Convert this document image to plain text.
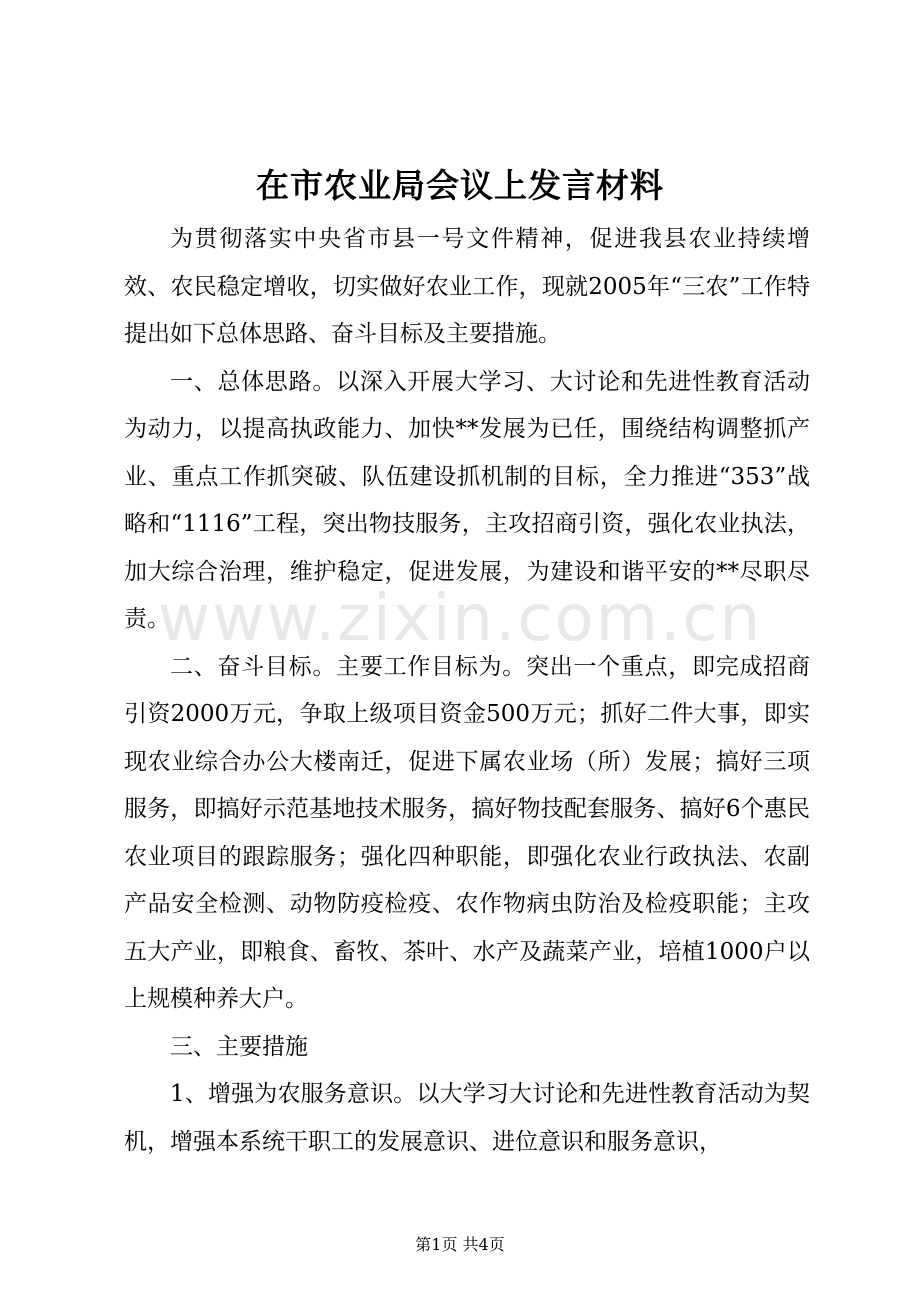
在市农业局会议上发言材料

为贯彻落实中央省市县一号文件精神，促进我县农业持续增效、农民稳定增收，切实做好农业工作，现就2005年“三农”工作特提出如下总体思路、奋斗目标及主要措施。

一、总体思路。以深入开展大学习、大讨论和先进性教育活动为动力，以提高执政能力、加快**发展为已任，围绕结构调整抓产业、重点工作抓突破、队伍建设抓机制的目标，全力推进“353”战略和“1116”工程，突出物技服务，主攻招商引资，强化农业执法，加大综合治理，维护稳定，促进发展，为建设和谐平安的**尽职尽责。

二、奋斗目标。主要工作目标为。突出一个重点，即完成招商引资2000万元，争取上级项目资金500万元；抓好二件大事，即实现农业综合办公大楼南迁，促进下属农业场（所）发展；搞好三项服务，即搞好示范基地技术服务，搞好物技配套服务、搞好6个惠民农业项目的跟踪服务；强化四种职能，即强化农业行政执法、农副产品安全检测、动物防疫检疫、农作物病虫防治及检疫职能；主攻五大产业，即粮食、畜牧、茶叶、水产及蔬菜产业，培植1000户以上规模种养大户。

三、主要措施

1、增强为农服务意识。以大学习大讨论和先进性教育活动为契机，增强本系统干职工的发展意识、进位意识和服务意识，

www.zixin.com.cn
第1页 共4页
